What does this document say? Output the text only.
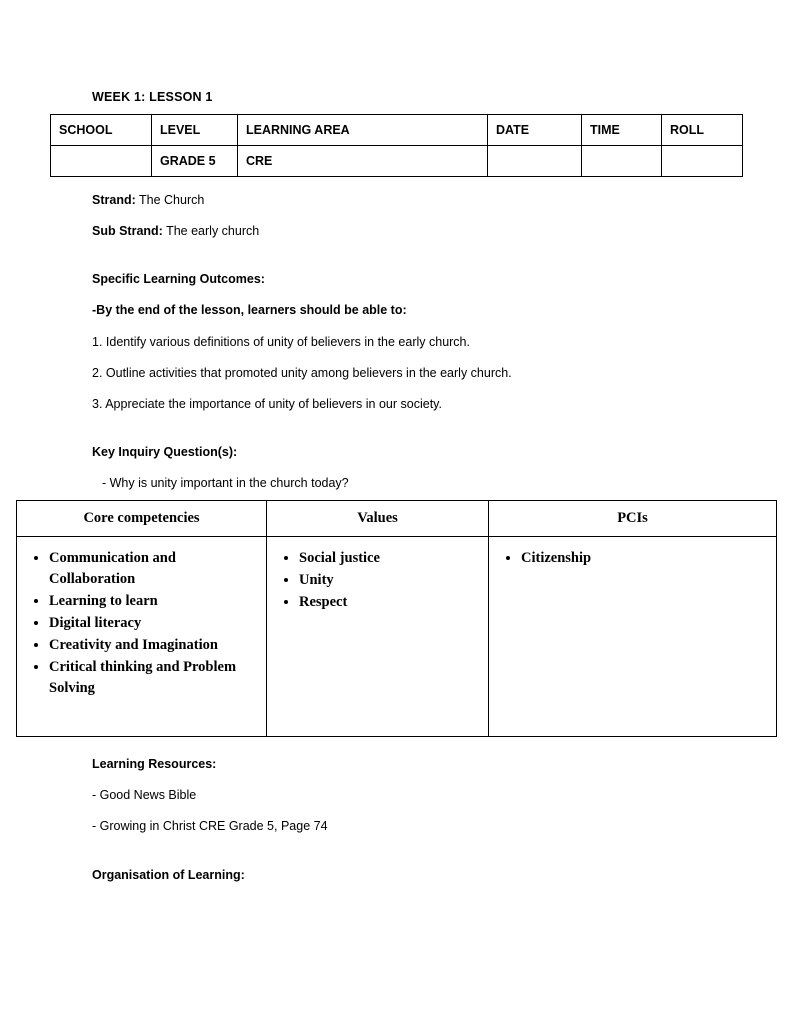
WEEK 1: LESSON 1
SCHOOL	LEVEL	LEARNING AREA	DATE	TIME	ROLL
	GRADE 5	CRE			
Strand: The Church
Sub Strand: The early church
Specific Learning Outcomes:
-By the end of the lesson, learners should be able to:
1. Identify various definitions of unity of believers in the early church.
2. Outline activities that promoted unity among believers in the early church.
3. Appreciate the importance of unity of believers in our society.
Key Inquiry Question(s):
- Why is unity important in the church today?
Core competencies	Values	PCIs

• Communication and Collaboration
• Learning to learn
• Digital literacy
• Creativity and Imagination
• Critical thinking and Problem Solving

• Social justice
• Unity
• Respect

• Citizenship
Learning Resources:
- Good News Bible
- Growing in Christ CRE Grade 5, Page 74
Organisation of Learning:
